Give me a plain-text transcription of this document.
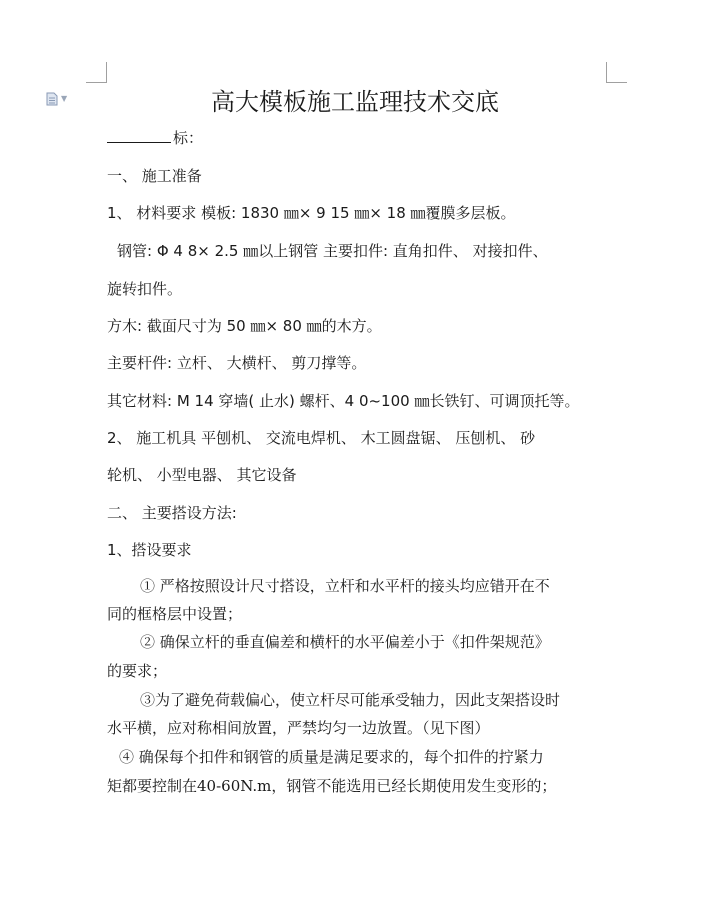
▼	高大模板施工监理技术交底
标：
一、 施工准备
1、 材料要求 模板: 1830 ㎜× 9 15 ㎜× 18 ㎜覆膜多层板。
钢管: Φ 4 8× 2.5 ㎜以上钢管 主要扣件: 直角扣件、 对接扣件、
旋转扣件。
方木: 截面尺寸为 50 ㎜× 80 ㎜的木方。
主要杆件: 立杆、 大横杆、 剪刀撑等。
其它材料: M 14 穿墙( 止水) 螺杆、4 0~100 ㎜长铁钉、可调顶托等。
2、 施工机具 平刨机、 交流电焊机、 木工圆盘锯、 压刨机、 砂
轮机、 小型电器、 其它设备
二、 主要搭设方法:
1、搭设要求
① 严格按照设计尺寸搭设，立杆和水平杆的接头均应错开在不
同的框格层中设置；
② 确保立杆的垂直偏差和横杆的水平偏差小于《扣件架规范》
的要求；
③为了避免荷载偏心，使立杆尽可能承受轴力，因此支架搭设时
水平横，应对称相间放置，严禁均匀一边放置。（见下图）
④ 确保每个扣件和钢管的质量是满足要求的，每个扣件的拧紧力
矩都要控制在40-60N.m，钢管不能选用已经长期使用发生变形的；
